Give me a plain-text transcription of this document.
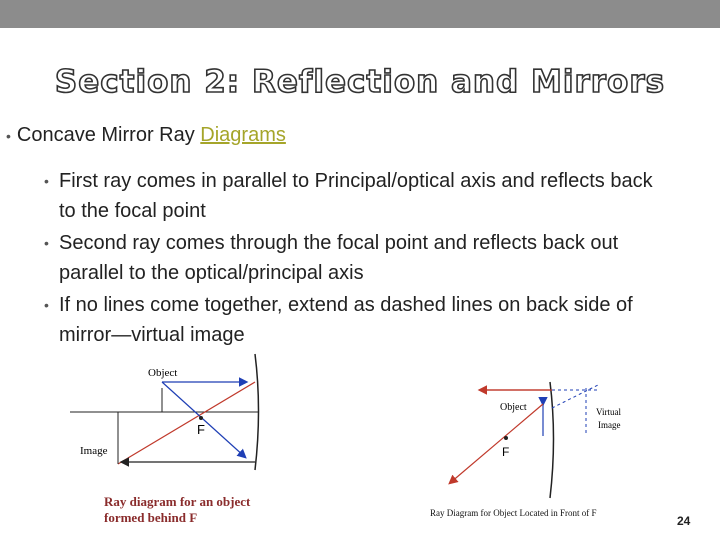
Section 2: Reflection and Mirrors
• Concave Mirror Ray Diagrams
• First ray comes in parallel to Principal/optical axis and reflects back to the focal point
• Second ray comes through the focal point and reflects back out parallel to the optical/principal axis
• If no lines come together, extend as dashed lines on back side of mirror—virtual image
Object
F
Image
Ray diagram for an object
formed behind F
Object
F
Virtual
Image
Ray Diagram for Object Located in Front of F
24
